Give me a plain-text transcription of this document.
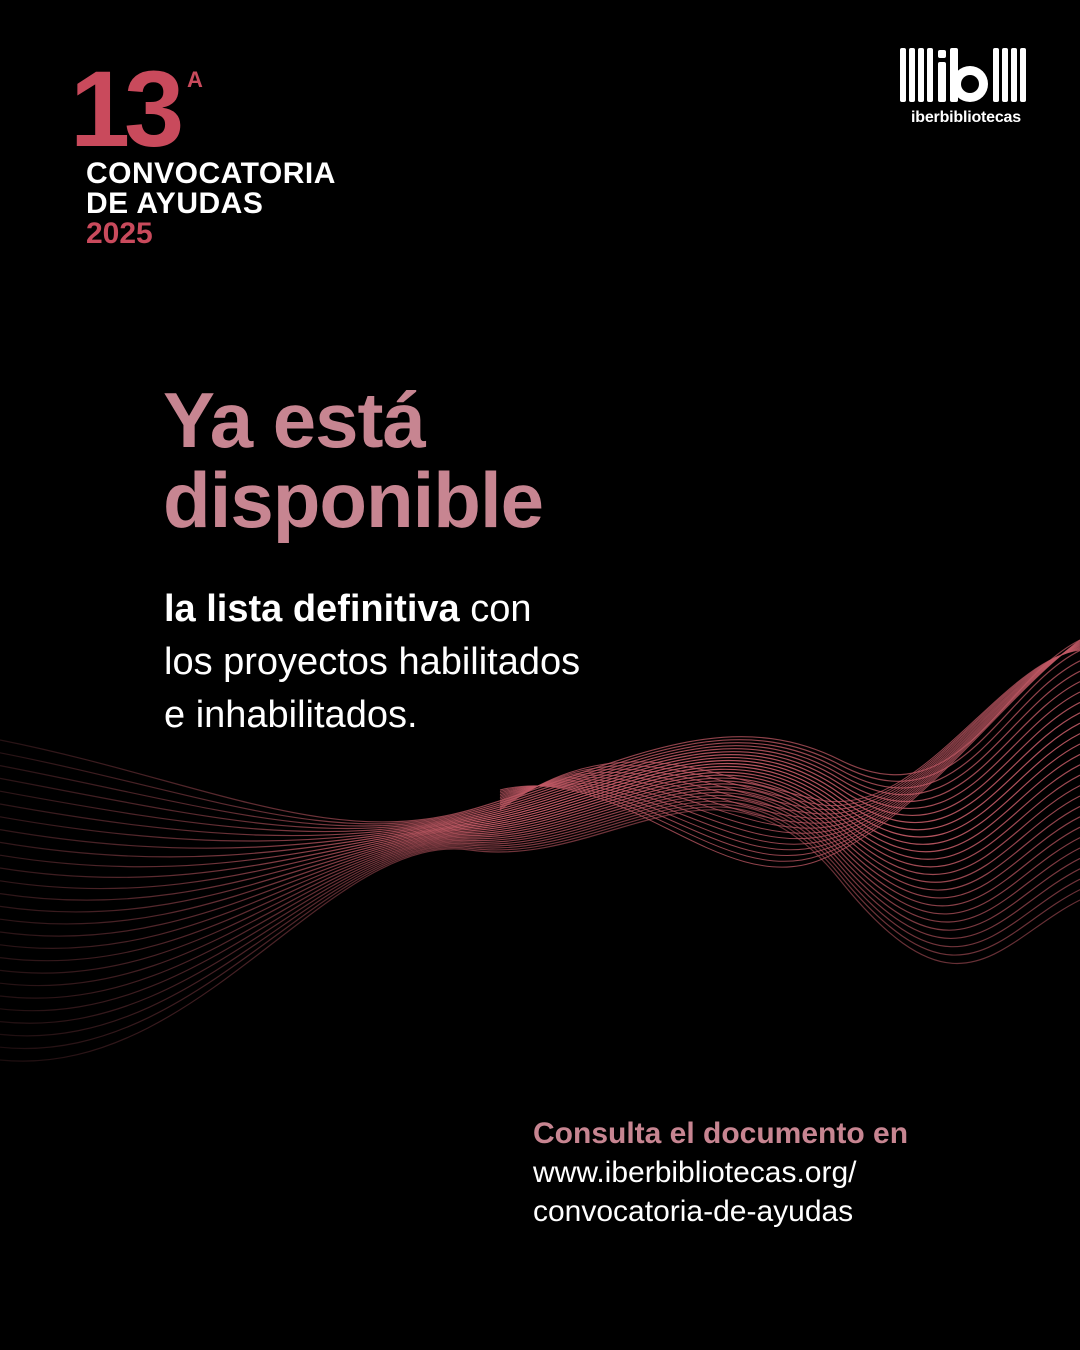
13 A
CONVOCATORIA
DE AYUDAS
2025
iberbibliotecas
Ya está
disponible
la lista definitiva con
los proyectos habilitados
e inhabilitados.
Consulta el documento en
www.iberbibliotecas.org/
convocatoria-de-ayudas
